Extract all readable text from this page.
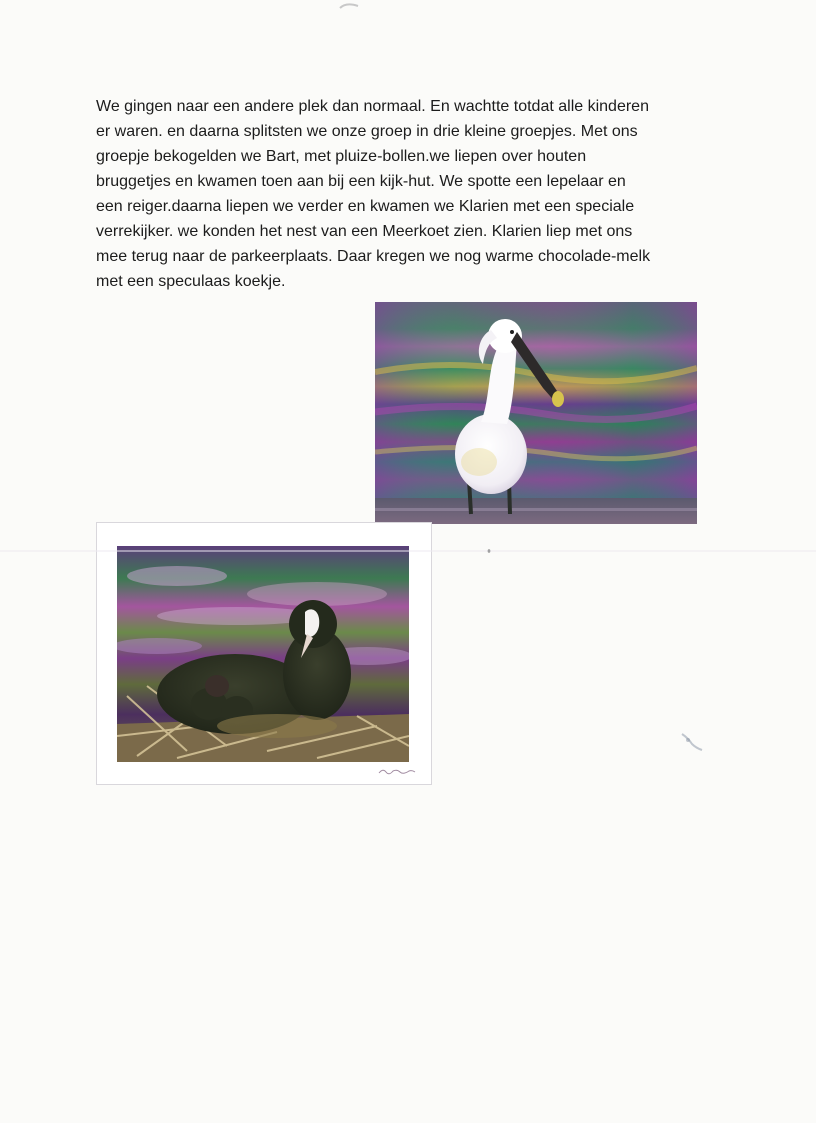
We gingen naar een andere plek dan normaal. En wachtte totdat alle kinderen
er waren. en daarna splitsten we onze groep in drie kleine groepjes. Met ons
groepje bekogelden we Bart, met pluize-bollen.we liepen over houten
bruggetjes en kwamen toen aan bij een kijk-hut. We spotte een lepelaar en
een reiger.daarna liepen we verder en kwamen we Klarien met een speciale
verrekijker. we konden het nest van een Meerkoet zien. Klarien liep met ons
mee terug naar de parkeerplaats. Daar kregen we nog warme chocolade-melk
met een speculaas koekje.
